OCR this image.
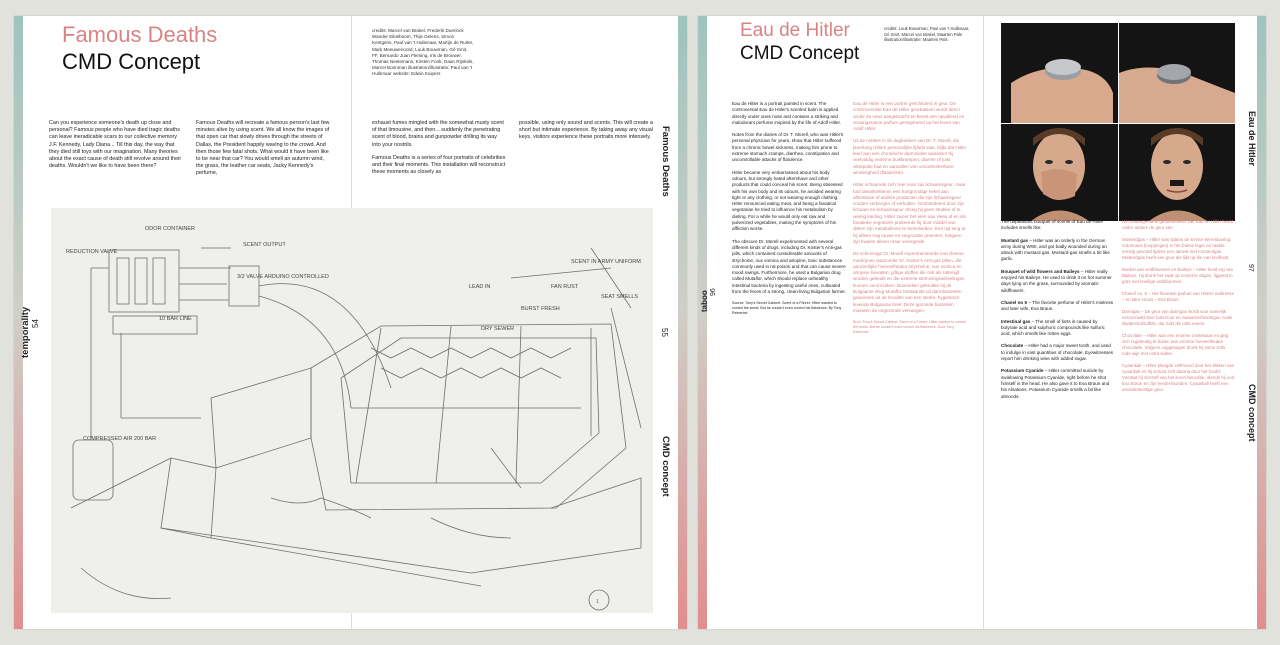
Famous Deaths
CMD Concept
credits: Marcel van Brakel, Frederik Duerinck Wander Eikelboom, Thijs Gelens, Simon Kentgens, Paul van 't Hullenaar, Martijn de Ruiter, Mark Meeuwenoord, Luuk Bouwman, Gé Smit, FF, Bernardo Juan Fleming, Iris de Brouwer, Thomas Neelemans, Kirsten Fonk, Daan Rijnkels, Marcel Boonman illustration/illustratie: Paul van 't Hullenaar website: Edwin Kuipers
Can you experience someone's death up close and personal? Famous people who have died tragic deaths can leave ineradicable scars to our collective memory J.F. Kennedy, Lady Diana... Till this day, the way that they died still toys with our imagination. Many theories about the exact cause of death still revolve around their deaths. Wouldn't we like to have been there?
Famous Deaths will recreate a famous person's last few minutes alive by using scent. We all know the images of that open car that slowly drives through the streets of Dallas, the President happily waving to the crowd. And then those few fatal shots. What would it have been like to be near that car? You would smell an autumn wind, the grass, the leather car seats, Jacky Kennedy's perfume,

exhaust fumes mingled with the somewhat musty scent of that limousine, and then... suddenly the penetrating scent of blood, brains and gunpowder drilling its way into your nostrils.

Famous Deaths is a series of four portraits of celebrities and their final moments. This installation will reconstruct these moments as closely as

possible, using only sound and scents. This will create a short but intimate experience. By taking away any visual keys, visitors experience these portraits more intensely.
temporality 54
Famous Deaths
CMD concept
55
ODOR CONTAINER
REDUCTION VALVE
10 BAR LINE
COMPRESSED AIR 200 BAR
SCENT OUTPUT
3/2 VALVE ARDUINO CONTROLLED
LEAD IN	FAN RUST
SCENT IN ARMY UNIFORM
BURST FRESH
SEAT SMELLS
DRY SEWER
1
Eau de Hitler
CMD Concept
credits: Luuk Bouwman, Paul van 't Hullenaar, Gé Smit, Marcel van Brakel, Maarten Pals illustration/illustratie: Maarten Pals

Eau de Hitler is a portrait painted in scent. The controversial Eau de Hitler's scented balm is applied directly under ones nose and contains a striking and malodorant perfume inspired by the life of Adolf Hitler.

Notes from the diaries of Dr. T. Morell, who was Hitler's personal physician for years, show that Hitler suffered from a chronic bowel sickness, making him prone to extreme stomach cramps, diarrhea, constipation and uncontrollable attacks of flatulence.

Hitler became very embarrassed about his body odours, but strongly hated aftershave and other products that could conceal his scent. Being obsessed with his own body and its odours, he avoided wearing tight or any clothing, or not wearing enough clothing. Hitler renounced eating meat, and being a fanatical vegetarian he tried to influence his metabolism by dieting. For a while he would only eat raw and pulverized vegetables, making the symptoms of his affliction worse.

The obscure Dr. Morell experimented with several different kinds of drugs, including Dr. Köster's Anti-gas pills, which contained considerable amounts of strychnine, nux vomica and atropine, toxic substances commonly used in rat poison and that can cause severe mood swings. Furthermore, he used a Bulgarian drug called Mutaflor, which should replace unhealthy intestinal bacteria by ingesting useful ones, cultivated from the feces of a strong, clean-living Bulgarian farmer.

Source: Tony's Secret Cabinet. Scent of a Führer: Hitler wanted to control the world. But he couldn't even control his flatulence. By Tony Reinerbel

Eau de Hitler is een portret geschilderd in geur. De controversiële Eau de Hitler geurbalsem wordt direct onder de neus aangebracht en bevat een opvallend en onaangename parfum geïnspireerd op het leven van Adolf Hitler.

Uit de notities in de dagboeken van Dr. T. Morell, die jarenlang Hitlers persoonlijke lijfarts was, blijkt dat Hitler leed aan een chronische darmziekte waardoor hij veelvuldig extreme buikkrampen, diarree of juist obstipatie had en aanvallen van oncontroleerbare winderigheid (flatulentie).

Hitler schaamde zich zeer voor zijn lichaamsgeur, maar had desalniettemin een hartgrondige hekel aan aftershave of andere producten die zijn lichaamsgeur zouden verbergen of verhullen. Geobsedeerd door zijn lichaam en lichaamsgeur droeg hij geen strakke of te weinig kleding. Hitler zwoer het eten van vlees af en als fanatieke vegetariër probeerde hij door middel van diëten zijn metabolisme te beïnvloeden. Een tijd lang at hij alleen nog rauwe en vergruisde groenten, hetgeen zijn kwalen alleen maar verergerde.

De schimmige Dr. Morell experimenteerde met diverse medicijnen waaronder Dr. Köster's Anti-gas pillen, die aanzienlijke hoeveelheden strychnine, nux vomica en atropine bevatten: giftige stoffen die ook als rattengif worden gebruikt en die extreme stemmingswisselingen kunnen veroorzaken. Bovendien gebruikte hij de Bulgaarse drug Mutaflor bestaande uit darmbacteriën gewonnen uit de fecaliën van een sterke, hygiënisch levende Bulgaarse boer. Deze gezonde bacteriën moesten de ongezonde vervangen.

Bron: Tony's Secret Cabinet. Scent of a Führer: Hitler wanted to control the world. But he couldn't even control his flatulence. Door Tony Reinerbel

The unpleasant bouquet of scents of Eau de Hitler includes smells like:

Mustard gas – Hitler was an orderly in the German army during WWI, and got badly wounded during an attack with mustard gas. Mustard-gas smells a bit like garlic.

Bouquet of wild flowers and Baileys – Hitler really enjoyed his Baileys. He used to drink it on hot summer days lying on the grass, surrounded by aromatic wildflowers.

Chanel no 5 – The favorite perfume of Hitler's mistress and later wife, Eva Braun.

Intestinal gas – The smell of farts is caused by butyrate acid and sulphuric compounds like sulfuric acid, which smells like rotten eggs.

Chocolate – Hitler had a major sweet tooth, and used to indulge in vast quantities of chocolate. Eyewitnesses report him drinking wine with added sugar.

Potassium Cyanide – Hitler committed suicide by swallowing Potassium Cyanide, right before he shot himself in the head. He also gave it to Eva Braun and his Alsatians. Potassium Cyanide smells a bit like almonds.

Het onaangename geurenboeket van Eau de Hitler bevat onder andere de geur van:

Mosterdgas – Hitler was tijdens de Eerste Wereldoorlog ordonnans (loopjongen) in het Duitse leger en raakte ernstig gewond tijdens een aanval met mosterdgas. Mosterdgas heeft een geur die lijkt op die van knoflook.

Boeket van veldbloemen en Baileys – Hitler hield erg van Baileys. Hij dronk het vaak op zomerse dagen, liggend in gras met knullige veldbloemen.

Chanel no. 5 – Het favoriete parfum van Hitlers maîtresse – en later vrouw – Eva Braun.

Darmgas – De geur van darmgas wordt voor namelijk veroorzaakt door boterzuur en zwavelverbindingen zoals diwaterstofsulfide, dat ruikt als rotte eieren.

Chocolate – Hitler was een enorme zoetekauw en ging zich regelmatig te buiten aan enorme hoeveelheden chocolade. Volgens ooggetuigen dronk hij soms zelfs rode wijn met extra suiker.

Cyaankali – Hitler pleegde zelfmoord door het slikken van cyaankali en hij schoot zich daarna door het hoofd. Voordat hij zichzelf van het leven beroofde, diende hij ook Eva Braun en zijn herdershonden. Cyaankali heeft een amandelachtige geur.

taboo 96
Eau de Hitler
CMD concept
97
